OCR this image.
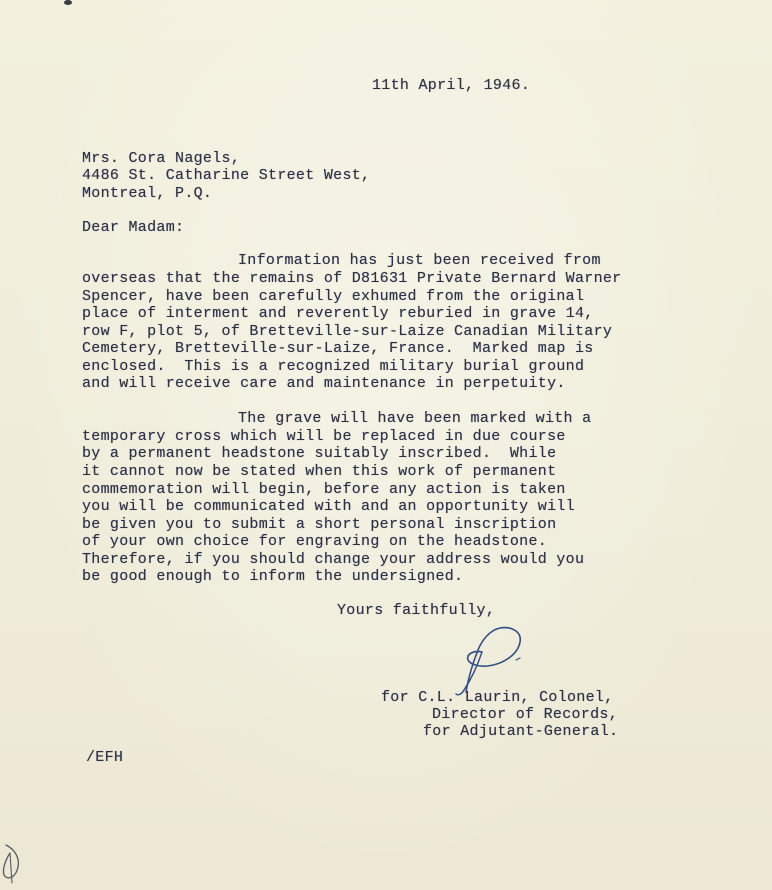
11th April, 1946.
Mrs. Cora Nagels,
4486 St. Catharine Street West,
Montreal, P.Q.
Dear Madam:
Information has just been received from
overseas that the remains of D81631 Private Bernard Warner
Spencer, have been carefully exhumed from the original
place of interment and reverently reburied in grave 14,
row F, plot 5, of Bretteville-sur-Laize Canadian Military
Cemetery, Bretteville-sur-Laize, France.  Marked map is
enclosed.  This is a recognized military burial ground
and will receive care and maintenance in perpetuity.
The grave will have been marked with a
temporary cross which will be replaced in due course
by a permanent headstone suitably inscribed.  While
it cannot now be stated when this work of permanent
commemoration will begin, before any action is taken
you will be communicated with and an opportunity will
be given you to submit a short personal inscription
of your own choice for engraving on the headstone.
Therefore, if you should change your address would you
be good enough to inform the undersigned.
Yours faithfully,
for C.L. Laurin, Colonel,
Director of Records,
for Adjutant-General.
/EFH
